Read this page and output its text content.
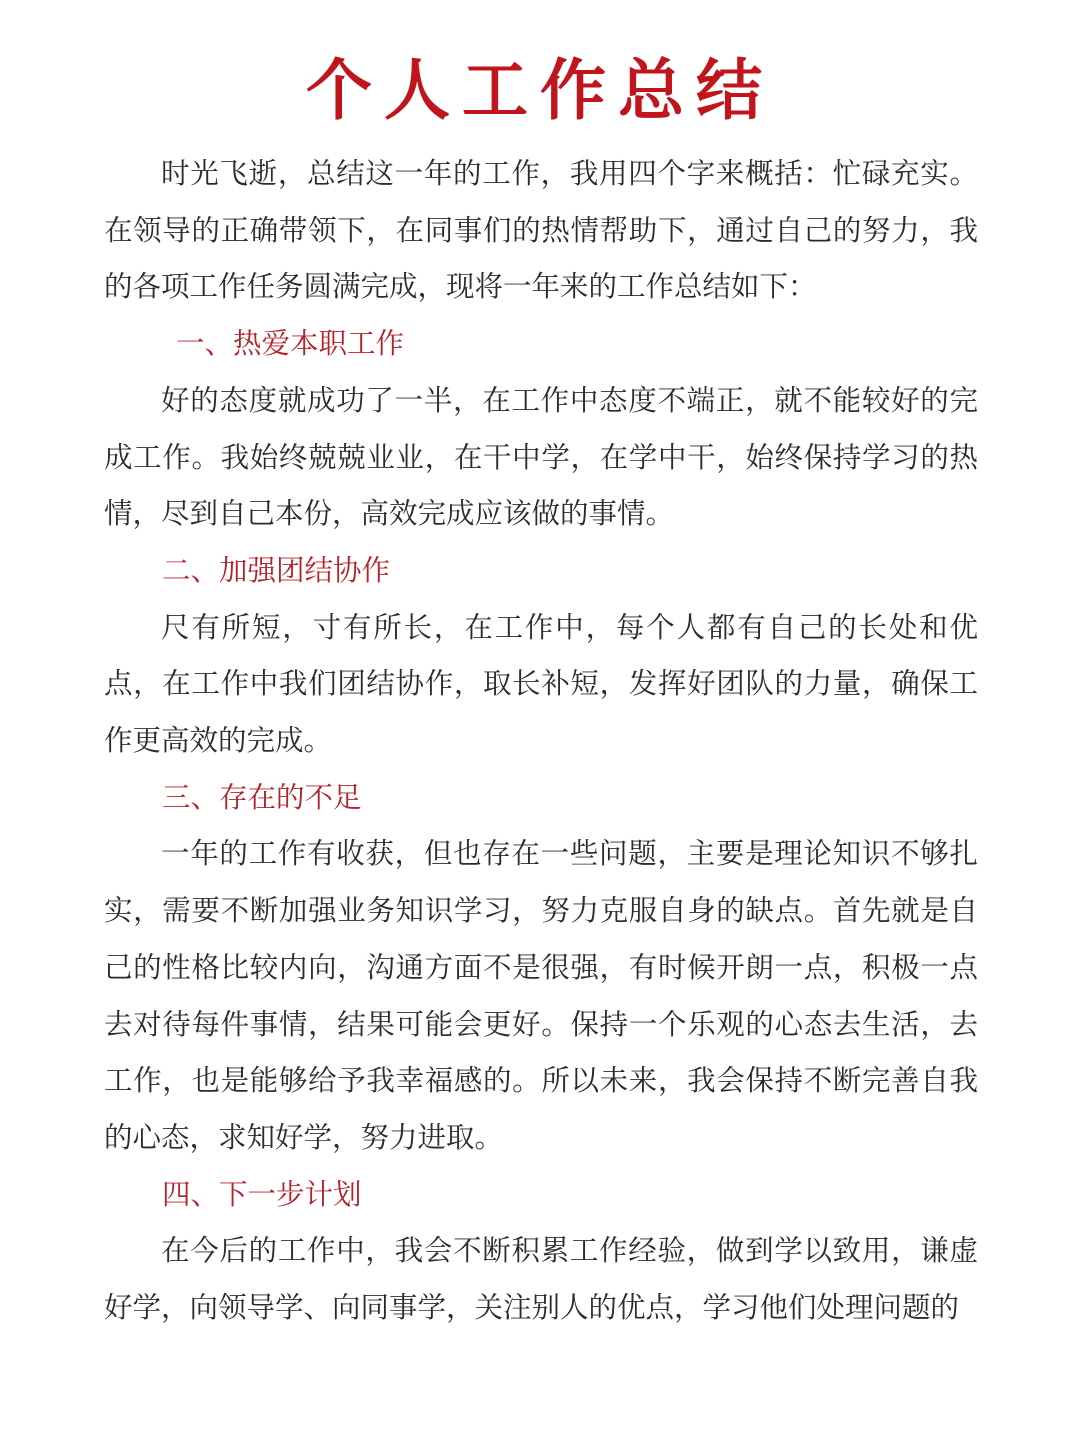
个人工作总结

时光飞逝，总结这一年的工作，我用四个字来概括：忙碌充实。在领导的正确带领下，在同事们的热情帮助下，通过自己的努力，我的各项工作任务圆满完成，现将一年来的工作总结如下：

一、热爱本职工作

好的态度就成功了一半，在工作中态度不端正，就不能较好的完成工作。我始终兢兢业业，在干中学，在学中干，始终保持学习的热情，尽到自己本份，高效完成应该做的事情。

二、加强团结协作

尺有所短，寸有所长，在工作中，每个人都有自己的长处和优点，在工作中我们团结协作，取长补短，发挥好团队的力量，确保工作更高效的完成。

三、存在的不足

一年的工作有收获，但也存在一些问题，主要是理论知识不够扎实，需要不断加强业务知识学习，努力克服自身的缺点。首先就是自己的性格比较内向，沟通方面不是很强，有时候开朗一点，积极一点去对待每件事情，结果可能会更好。保持一个乐观的心态去生活，去工作，也是能够给予我幸福感的。所以未来，我会保持不断完善自我的心态，求知好学，努力进取。

四、下一步计划

在今后的工作中，我会不断积累工作经验，做到学以致用，谦虚好学，向领导学、向同事学，关注别人的优点，学习他们处理问题的
